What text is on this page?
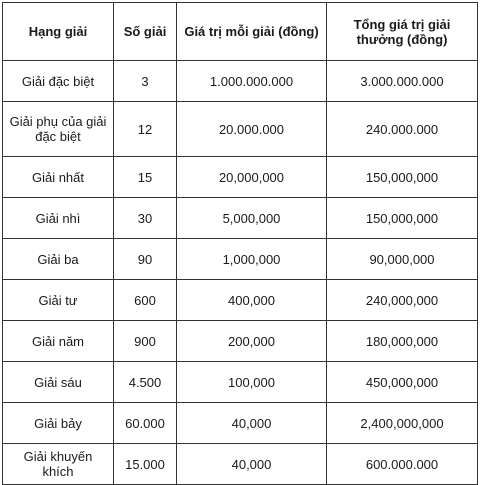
Hạng giải	Số giải	Giá trị mỗi giải (đồng)	Tổng giá trị giải thưởng (đồng)
Giải đặc biệt	3	1.000.000.000	3.000.000.000
Giải phụ của giải đặc biệt	12	20.000.000	240.000.000
Giải nhất	15	20,000,000	150,000,000
Giải nhì	30	5,000,000	150,000,000
Giải ba	90	1,000,000	90,000,000
Giải tư	600	400,000	240,000,000
Giải năm	900	200,000	180,000,000
Giải sáu	4.500	100,000	450,000,000
Giải bảy	60.000	40,000	2,400,000,000
Giải khuyến khích	15.000	40,000	600.000.000
